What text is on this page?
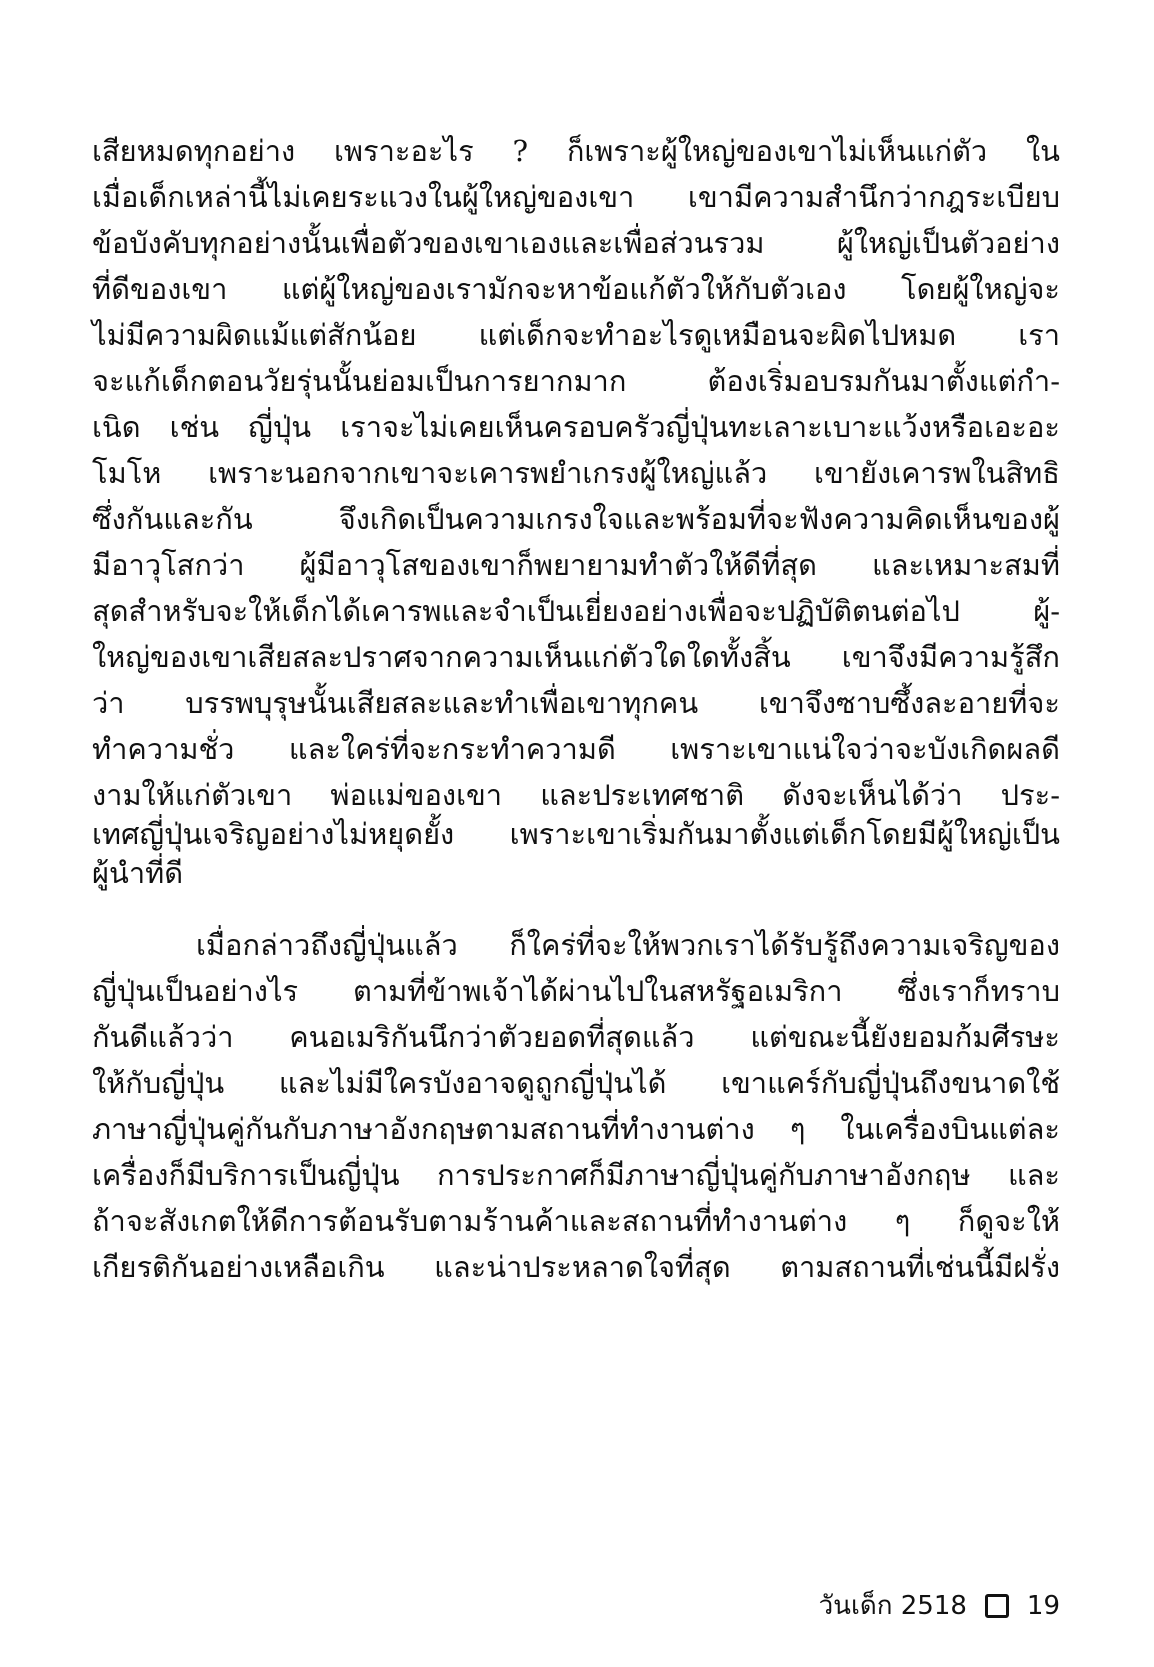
เสียหมดทุกอย่าง เพราะอะไร ? ก็เพราะผู้ใหญ่ของเขาไม่เห็นแก่ตัว ใน
เมื่อเด็กเหล่านี้ไม่เคยระแวงในผู้ใหญ่ของเขา เขามีความสำนึกว่ากฎระเบียบ
ข้อบังคับทุกอย่างนั้นเพื่อตัวของเขาเองและเพื่อส่วนรวม ผู้ใหญ่เป็นตัวอย่าง
ที่ดีของเขา แต่ผู้ใหญ่ของเรามักจะหาข้อแก้ตัวให้กับตัวเอง โดยผู้ใหญ่จะ
ไม่มีความผิดแม้แต่สักน้อย แต่เด็กจะทำอะไรดูเหมือนจะผิดไปหมด เรา
จะแก้เด็กตอนวัยรุ่นนั้นย่อมเป็นการยากมาก ต้องเริ่มอบรมกันมาตั้งแต่กำ-
เนิด เช่น ญี่ปุ่น เราจะไม่เคยเห็นครอบครัวญี่ปุ่นทะเลาะเบาะแว้งหรือเอะอะ
โมโห เพราะนอกจากเขาจะเคารพยำเกรงผู้ใหญ่แล้ว เขายังเคารพในสิทธิ
ซึ่งกันและกัน จึงเกิดเป็นความเกรงใจและพร้อมที่จะฟังความคิดเห็นของผู้
มีอาวุโสกว่า ผู้มีอาวุโสของเขาก็พยายามทำตัวให้ดีที่สุด และเหมาะสมที่
สุดสำหรับจะให้เด็กได้เคารพและจำเป็นเยี่ยงอย่างเพื่อจะปฏิบัติตนต่อไป ผู้-
ใหญ่ของเขาเสียสละปราศจากความเห็นแก่ตัวใดใดทั้งสิ้น เขาจึงมีความรู้สึก
ว่า บรรพบุรุษนั้นเสียสละและทำเพื่อเขาทุกคน เขาจึงซาบซึ้งละอายที่จะ
ทำความชั่ว และใคร่ที่จะกระทำความดี เพราะเขาแน่ใจว่าจะบังเกิดผลดี
งามให้แก่ตัวเขา พ่อแม่ของเขา และประเทศชาติ ดังจะเห็นได้ว่า ประ-
เทศญี่ปุ่นเจริญอย่างไม่หยุดยั้ง เพราะเขาเริ่มกันมาตั้งแต่เด็กโดยมีผู้ใหญ่เป็น
ผู้นำที่ดี
เมื่อกล่าวถึงญี่ปุ่นแล้ว ก็ใคร่ที่จะให้พวกเราได้รับรู้ถึงความเจริญของ
ญี่ปุ่นเป็นอย่างไร ตามที่ข้าพเจ้าได้ผ่านไปในสหรัฐอเมริกา ซึ่งเราก็ทราบ
กันดีแล้วว่า คนอเมริกันนึกว่าตัวยอดที่สุดแล้ว แต่ขณะนี้ยังยอมก้มศีรษะ
ให้กับญี่ปุ่น และไม่มีใครบังอาจดูถูกญี่ปุ่นได้ เขาแคร์กับญี่ปุ่นถึงขนาดใช้
ภาษาญี่ปุ่นคู่กันกับภาษาอังกฤษตามสถานที่ทำงานต่าง ๆ ในเครื่องบินแต่ละ
เครื่องก็มีบริการเป็นญี่ปุ่น การประกาศก็มีภาษาญี่ปุ่นคู่กับภาษาอังกฤษ และ
ถ้าจะสังเกตให้ดีการต้อนรับตามร้านค้าและสถานที่ทำงานต่าง ๆ ก็ดูจะให้
เกียรติกันอย่างเหลือเกิน และน่าประหลาดใจที่สุด ตามสถานที่เช่นนี้มีฝรั่ง
วันเด็ก 2518 19
